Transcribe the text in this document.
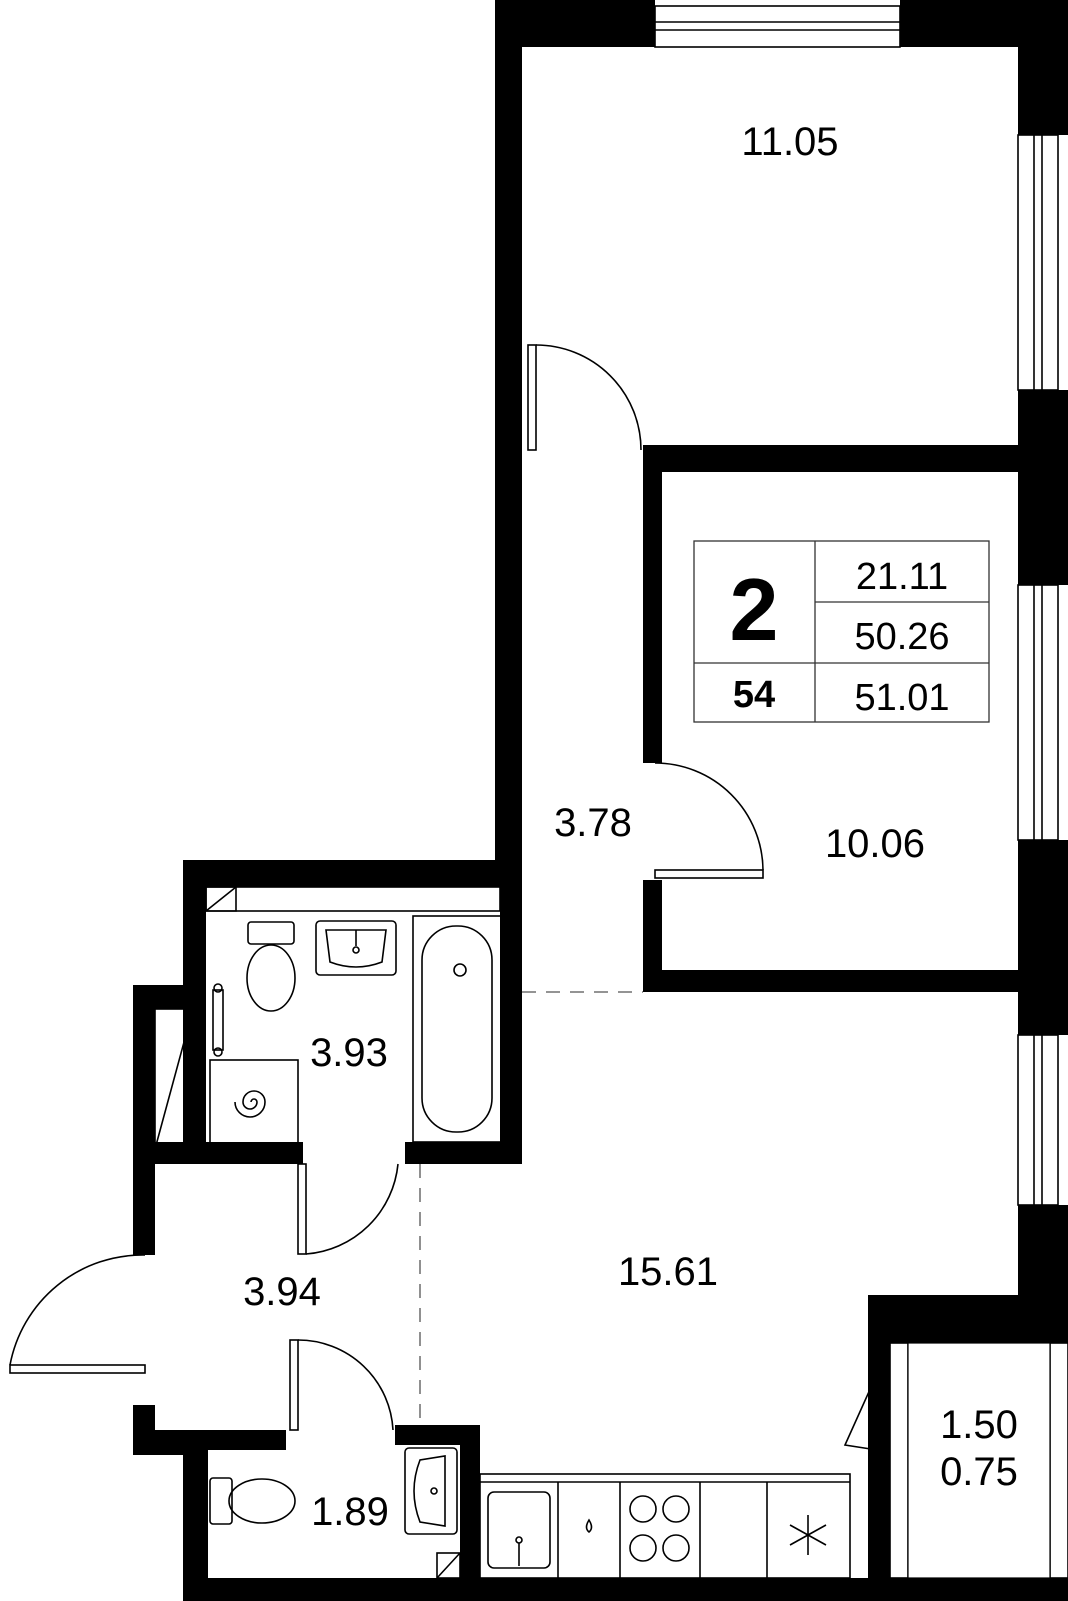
2
54
21.11
50.26
51.01
11.05
3.78	10.06
3.93
3.94	15.61
1.89
1.50
0.75
